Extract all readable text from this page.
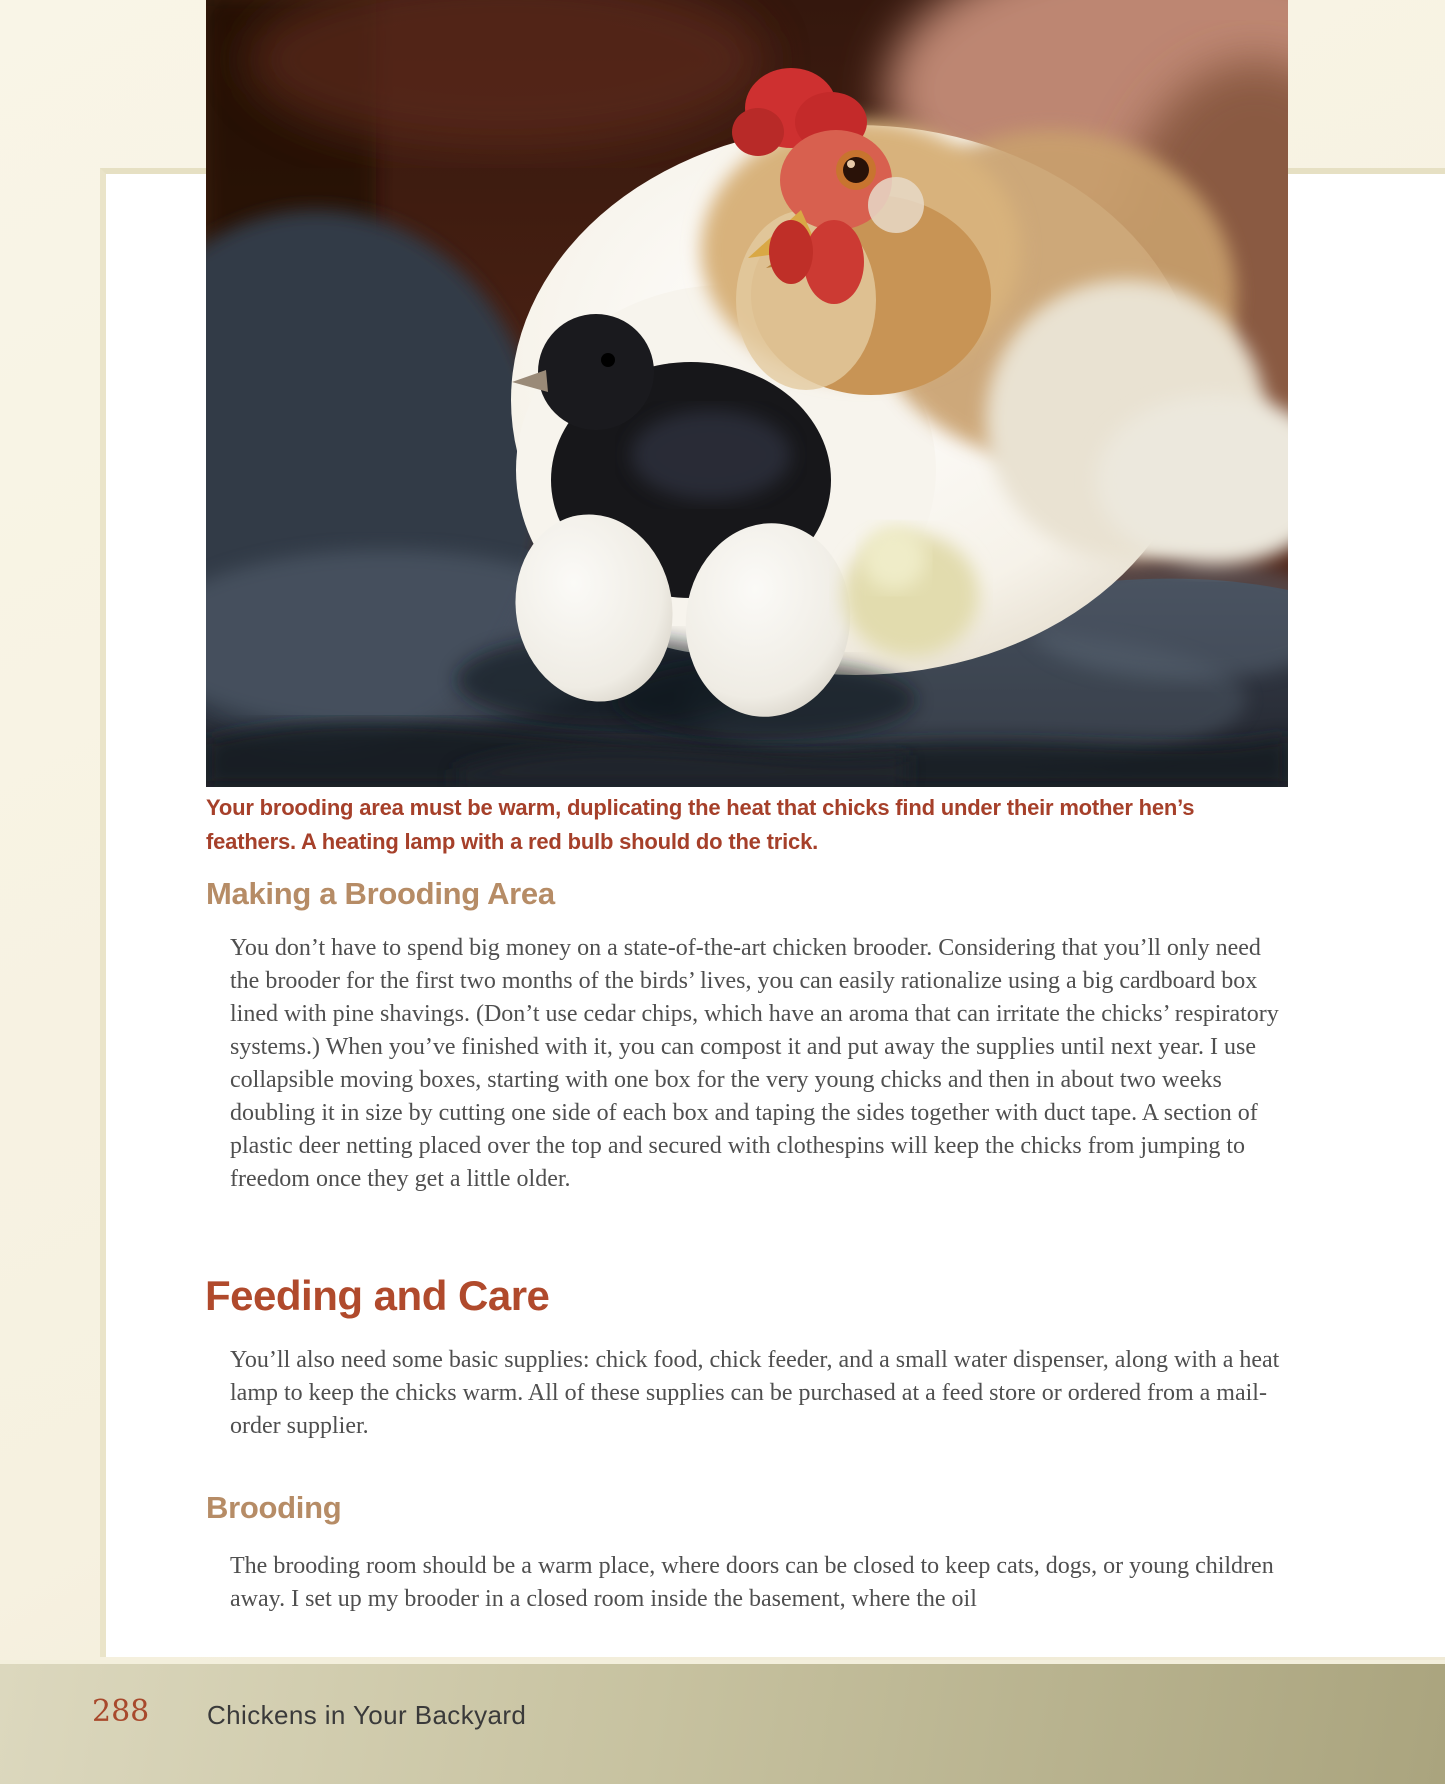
Your brooding area must be warm, duplicating the heat that chicks find under their mother hen’s feathers. A heating lamp with a red bulb should do the trick.
Making a Brooding Area

You don’t have to spend big money on a state-of-the-art chicken brooder. Considering that you’ll only need the brooder for the first two months of the birds’ lives, you can easily rationalize using a big cardboard box lined with pine shavings. (Don’t use cedar chips, which have an aroma that can irritate the chicks’ respiratory systems.) When you’ve finished with it, you can compost it and put away the supplies until next year. I use collapsible moving boxes, starting with one box for the very young chicks and then in about two weeks doubling it in size by cutting one side of each box and taping the sides together with duct tape. A section of plastic deer netting placed over the top and secured with clothespins will keep the chicks from jumping to freedom once they get a little older.

Feeding and Care

You’ll also need some basic supplies: chick food, chick feeder, and a small water dispenser, along with a heat lamp to keep the chicks warm. All of these supplies can be purchased at a feed store or ordered from a mail-order supplier.

Brooding

The brooding room should be a warm place, where doors can be closed to keep cats, dogs, or young children away. I set up my brooder in a closed room inside the basement, where the oil

288 Chickens in Your Backyard
